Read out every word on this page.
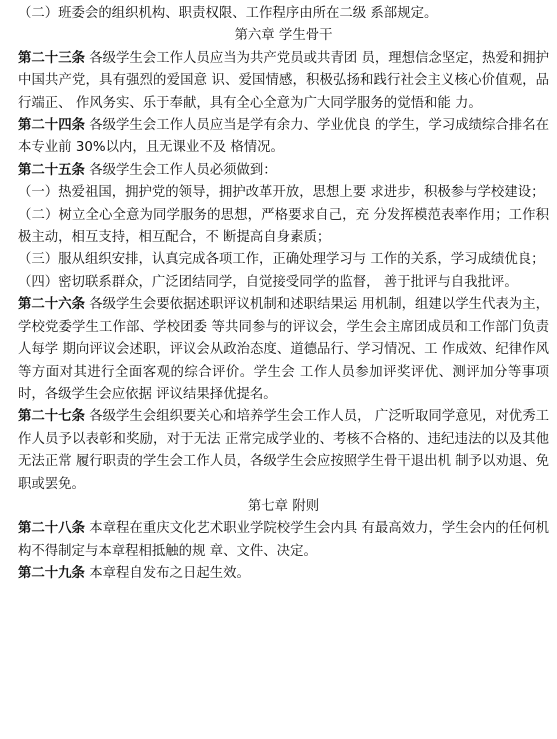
（二）班委会的组织机构、职责权限、工作程序由所在二级 系部规定。

第六章 学生骨干

第二十三条 各级学生会工作人员应当为共产党员或共青团 员，理想信念坚定，热爱和拥护中国共产党，具有强烈的爱国意 识、爱国情感，积极弘扬和践行社会主义核心价值观，品行端正、 作风务实、乐于奉献，具有全心全意为广大同学服务的觉悟和能 力。

第二十四条 各级学生会工作人员应当是学有余力、学业优良 的学生，学习成绩综合排名在本专业前 30%以内，且无课业不及 格情况。

第二十五条 各级学生会工作人员必须做到：

（一）热爱祖国，拥护党的领导，拥护改革开放，思想上要 求进步，积极参与学校建设；

（二）树立全心全意为同学服务的思想，严格要求自己，充 分发挥模范表率作用；工作积极主动，相互支持，相互配合，不 断提高自身素质；

（三）服从组织安排，认真完成各项工作，正确处理学习与 工作的关系，学习成绩优良；

（四）密切联系群众，广泛团结同学，自觉接受同学的监督， 善于批评与自我批评。

第二十六条 各级学生会要依据述职评议机制和述职结果运 用机制，组建以学生代表为主，学校党委学生工作部、学校团委 等共同参与的评议会，学生会主席团成员和工作部门负责人每学 期向评议会述职，评议会从政治态度、道德品行、学习情况、工 作成效、纪律作风等方面对其进行全面客观的综合评价。学生会 工作人员参加评奖评优、测评加分等事项时，各级学生会应依据 评议结果择优提名。

第二十七条 各级学生会组织要关心和培养学生会工作人员， 广泛听取同学意见，对优秀工作人员予以表彰和奖励，对于无法 正常完成学业的、考核不合格的、违纪违法的以及其他无法正常 履行职责的学生会工作人员，各级学生会应按照学生骨干退出机 制予以劝退、免职或罢免。

第七章 附则

第二十八条 本章程在重庆文化艺术职业学院校学生会内具 有最高效力，学生会内的任何机构不得制定与本章程相抵触的规 章、文件、决定。

第二十九条 本章程自发布之日起生效。
